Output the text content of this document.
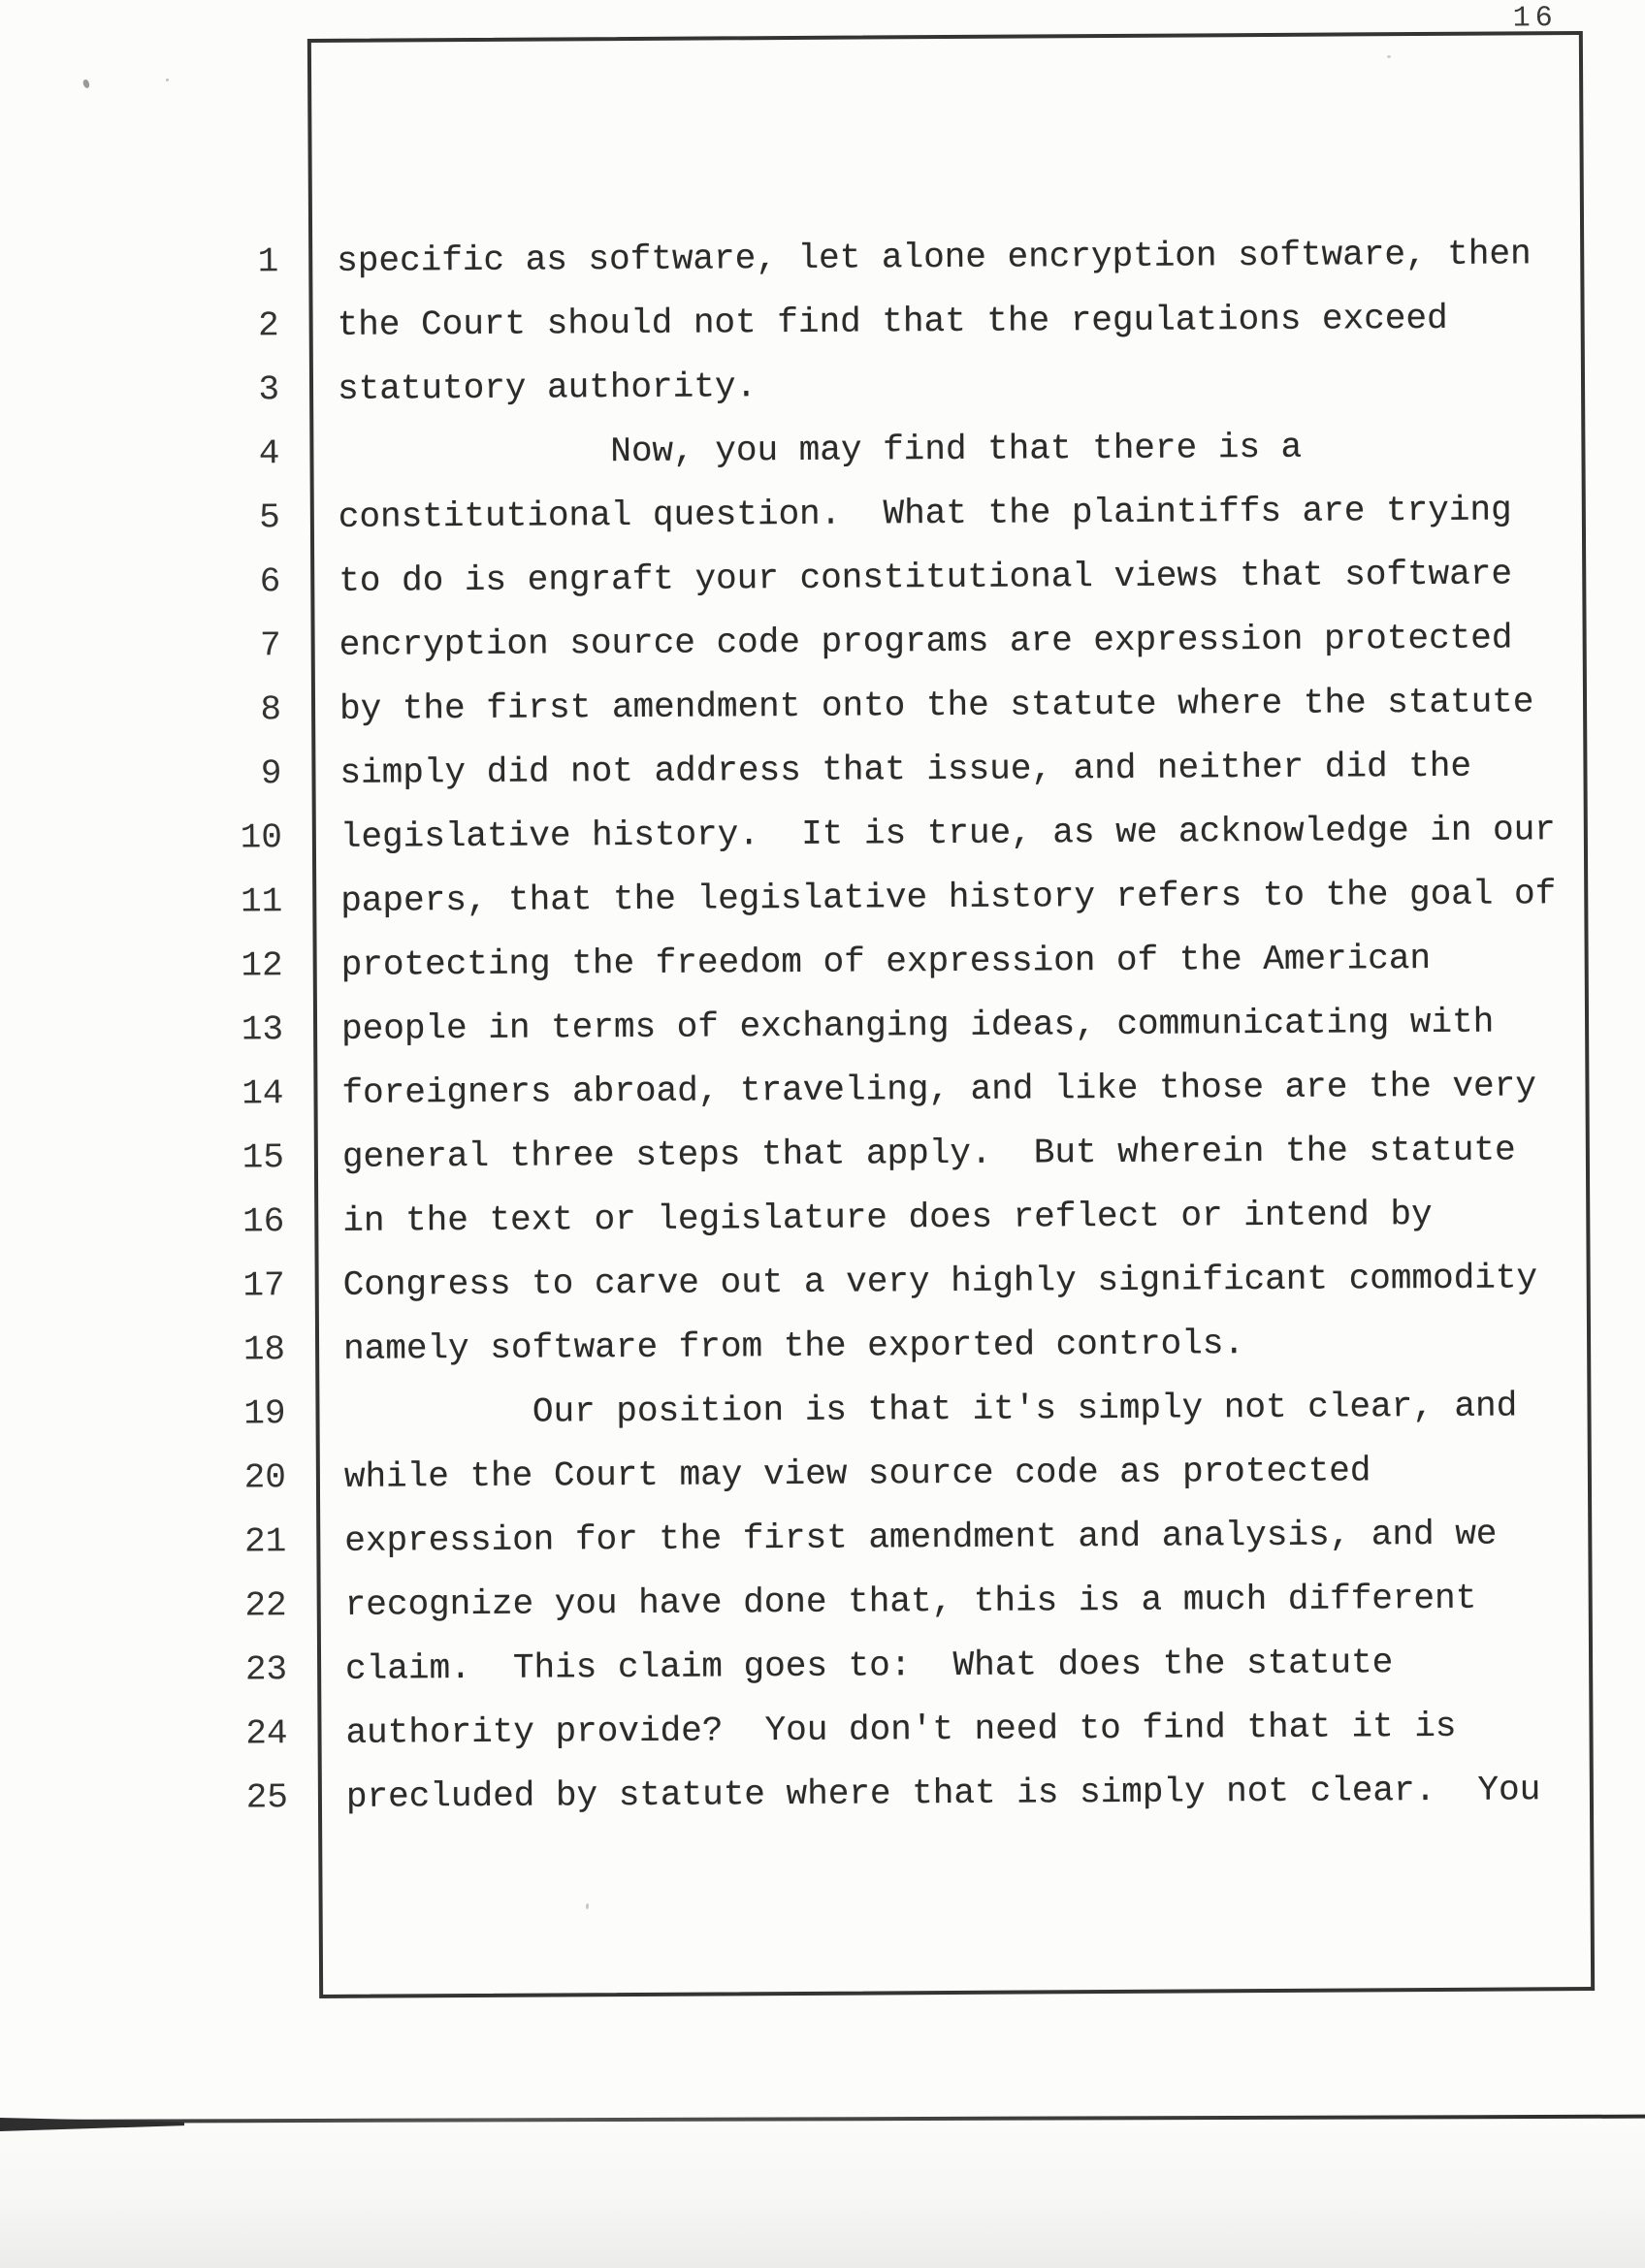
16
1 specific as software, let alone encryption software, then
2 the Court should not find that the regulations exceed
3 statutory authority.
4 Now, you may find that there is a
5 constitutional question.  What the plaintiffs are trying
6 to do is engraft your constitutional views that software
7 encryption source code programs are expression protected
8 by the first amendment onto the statute where the statute
9 simply did not address that issue, and neither did the
10 legislative history.  It is true, as we acknowledge in our
11 papers, that the legislative history refers to the goal of
12 protecting the freedom of expression of the American
13 people in terms of exchanging ideas, communicating with
14 foreigners abroad, traveling, and like those are the very
15 general three steps that apply.  But wherein the statute
16 in the text or legislature does reflect or intend by
17 Congress to carve out a very highly significant commodity
18 namely software from the exported controls.
19 Our position is that it's simply not clear, and
20 while the Court may view source code as protected
21 expression for the first amendment and analysis, and we
22 recognize you have done that, this is a much different
23 claim.  This claim goes to:  What does the statute
24 authority provide?  You don't need to find that it is
25 precluded by statute where that is simply not clear.  You
